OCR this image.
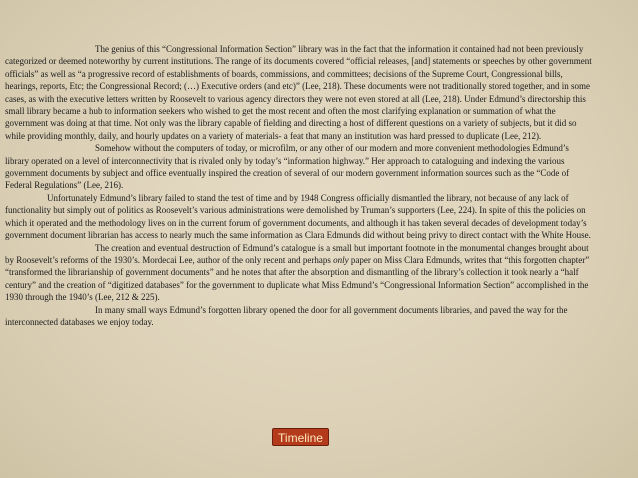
The genius of this “Congressional Information Section” library was in the fact that the information it contained had not been previously categorized or deemed noteworthy by current institutions. The range of its documents covered “official releases, [and] statements or speeches by other government officials” as well as “a progressive record of establishments of boards, commissions, and committees; decisions of the Supreme Court, Congressional bills, hearings, reports, Etc; the Congressional Record; (…) Executive orders (and etc)” (Lee, 218). These documents were not traditionally stored together, and in some cases, as with the executive letters written by Roosevelt to various agency directors they were not even stored at all (Lee, 218). Under Edmund’s directorship this small library became a hub to information seekers who wished to get the most recent and often the most clarifying explanation or summation of what the government was doing at that time. Not only was the library capable of fielding and directing a host of different questions on a variety of subjects, but it did so while providing monthly, daily, and hourly updates on a variety of materials- a feat that many an institution was hard pressed to duplicate (Lee, 212).

Somehow without the computers of today, or microfilm, or any other of our modern and more convenient methodologies Edmund’s library operated on a level of interconnectivity that is rivaled only by today’s “information highway.” Her approach to cataloguing and indexing the various government documents by subject and office eventually inspired the creation of several of our modern government information sources such as the “Code of Federal Regulations” (Lee, 216).

Unfortunately Edmund’s library failed to stand the test of time and by 1948 Congress officially dismantled the library, not because of any lack of functionality but simply out of politics as Roosevelt’s various administrations were demolished by Truman’s supporters (Lee, 224). In spite of this the policies on which it operated and the methodology lives on in the current forum of government documents, and although it has taken several decades of development today’s government document librarian has access to nearly much the same information as Clara Edmunds did without being privy to direct contact with the White House.

The creation and eventual destruction of Edmund’s catalogue is a small but important footnote in the monumental changes brought about by Roosevelt’s reforms of the 1930’s. Mordecai Lee, author of the only recent and perhaps only paper on Miss Clara Edmunds, writes that “this forgotten chapter” “transformed the librarianship of government documents” and he notes that after the absorption and dismantling of the library’s collection it took nearly a “half century” and the creation of “digitized databases” for the government to duplicate what Miss Edmund’s “Congressional Information Section” accomplished in the 1930 through the 1940’s (Lee, 212 & 225).

In many small ways Edmund’s forgotten library opened the door for all government documents libraries, and paved the way for the interconnected databases we enjoy today.

Timeline
